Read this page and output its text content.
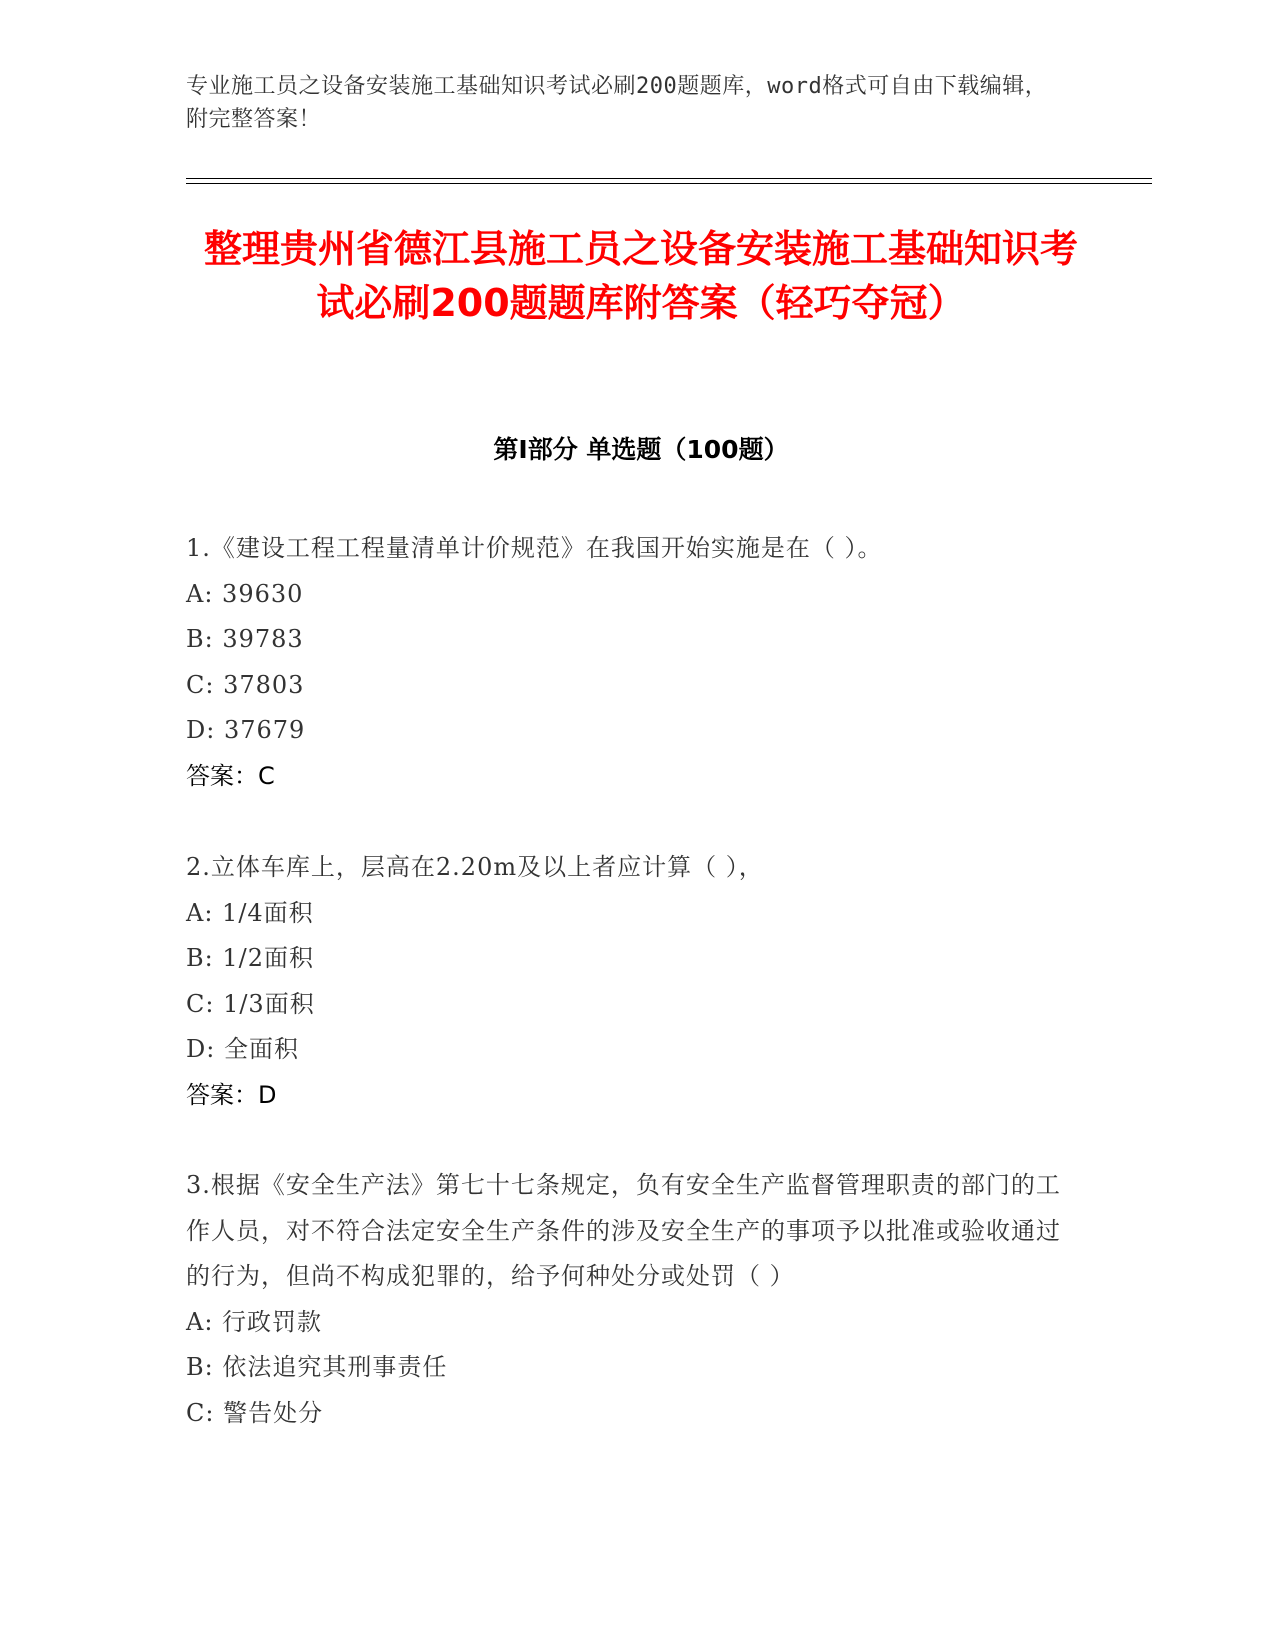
专业施工员之设备安装施工基础知识考试必刷200题题库，word格式可自由下载编辑，附完整答案！
整理贵州省德江县施工员之设备安装施工基础知识考试必刷200题题库附答案（轻巧夺冠）
第Ⅰ部分 单选题（100题）

1.《建设工程工程量清单计价规范》在我国开始实施是在（ ）。

A: 39630

B: 39783

C: 37803

D: 37679

答案：C

2.立体车库上，层高在2.20m及以上者应计算（ ），

A: 1/4面积

B: 1/2面积

C: 1/3面积

D: 全面积

答案：D

3.根据《安全生产法》第七十七条规定，负有安全生产监督管理职责的部门的工作人员，对不符合法定安全生产条件的涉及安全生产的事项予以批准或验收通过的行为，但尚不构成犯罪的，给予何种处分或处罚（ ）

A: 行政罚款

B: 依法追究其刑事责任

C: 警告处分
